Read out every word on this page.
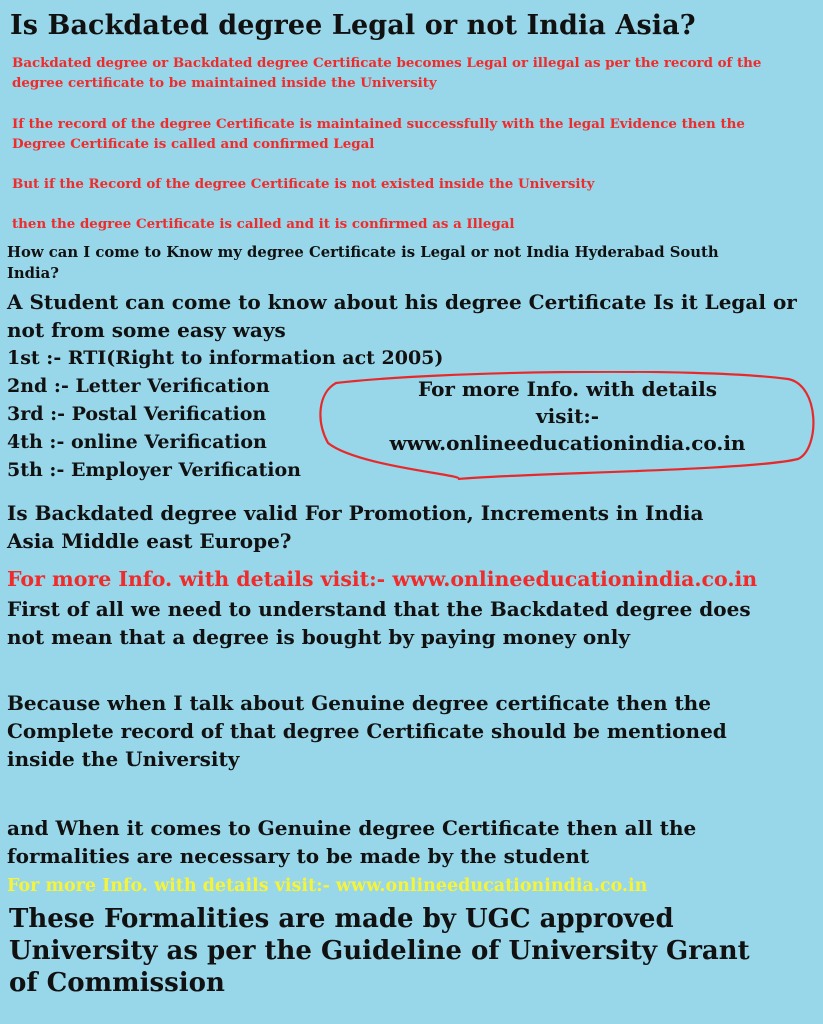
Is Backdated degree Legal or not India Asia?
Backdated degree or Backdated degree Certificate becomes Legal or illegal as per the record of the
degree certificate to be maintained inside the University
If the record of the degree Certificate is maintained successfully with the legal Evidence then the
Degree Certificate is called and confirmed Legal
But if the Record of the degree Certificate is not existed inside the University
then the degree Certificate is called and it is confirmed as a Illegal
How can I come to Know my degree Certificate is Legal or not India Hyderabad South
India?
A Student can come to know about his degree Certificate Is it Legal or
not from some easy ways
1st :- RTI(Right to information act 2005)
2nd :- Letter Verification
3rd :- Postal Verification
4th :- online Verification
5th :- Employer Verification
For more Info. with details
visit:-
www.onlineeducationindia.co.in
Is Backdated degree valid For Promotion, Increments in India
Asia Middle east Europe?
For more Info. with details visit:- www.onlineeducationindia.co.in
First of all we need to understand that the Backdated degree does
not mean that a degree is bought by paying money only
Because when I talk about Genuine degree certificate then the
Complete record of that degree Certificate should be mentioned
inside the University
and When it comes to Genuine degree Certificate then all the
formalities are necessary to be made by the student
For more Info. with details visit:- www.onlineeducationindia.co.in
These Formalities are made by UGC approved
University as per the Guideline of University Grant
of Commission
